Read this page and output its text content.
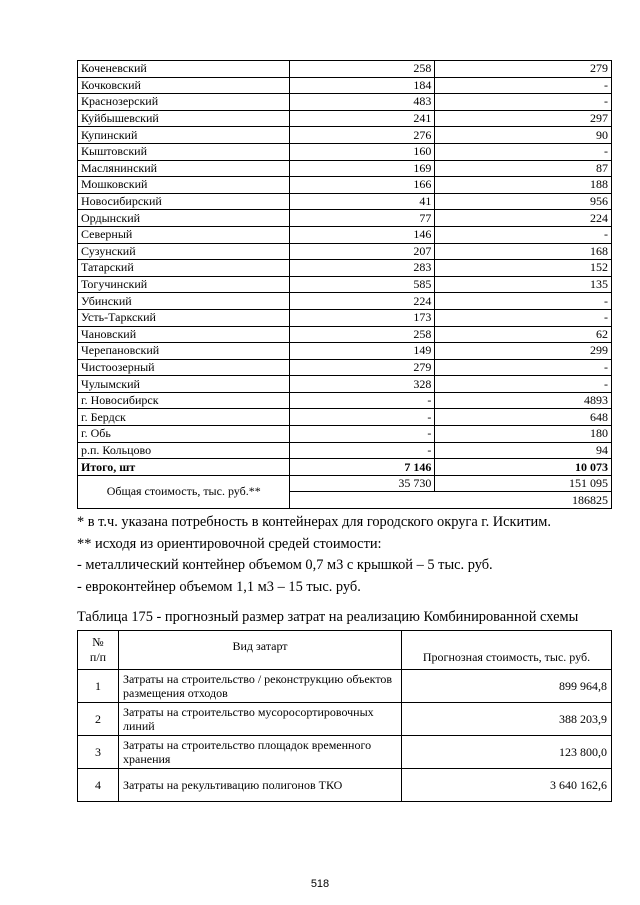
Коченевский	258	279
Кочковский	184	-
Краснозерский	483	-
Куйбышевский	241	297
Купинский	276	90
Кыштовский	160	-
Маслянинский	169	87
Мошковский	166	188
Новосибирский	41	956
Ордынский	77	224
Северный	146	-
Сузунский	207	168
Татарский	283	152
Тогучинский	585	135
Убинский	224	-
Усть-Таркский	173	-
Чановский	258	62
Черепановский	149	299
Чистоозерный	279	-
Чулымский	328	-
г. Новосибирск	-	4893
г. Бердск	-	648
г. Обь	-	180
р.п. Кольцово	-	94
Итого, шт	7 146	10 073
Общая стоимость, тыс. руб.**	35 730	151 095
	186825	
* в т.ч. указана потребность в контейнерах для городского округа г. Искитим.
** исходя из ориентировочной средей стоимости:
- металлический контейнер объемом 0,7 м3 с крышкой – 5 тыс. руб.
- евроконтейнер объемом 1,1 м3 – 15 тыс. руб.
Таблица 175 - прогнозный размер затрат на реализацию Комбинированной схемы
№
п/п	Вид затарт	Прогнозная стоимость, тыс. руб.
1	Затраты на строительство / реконструкцию объектов размещения отходов	899 964,8
2	Затраты на строительство мусоросортировочных линий	388 203,9
3	Затраты на строительство площадок временного хранения	123 800,0
4	Затраты на рекультивацию полигонов ТКО	3 640 162,6
518
